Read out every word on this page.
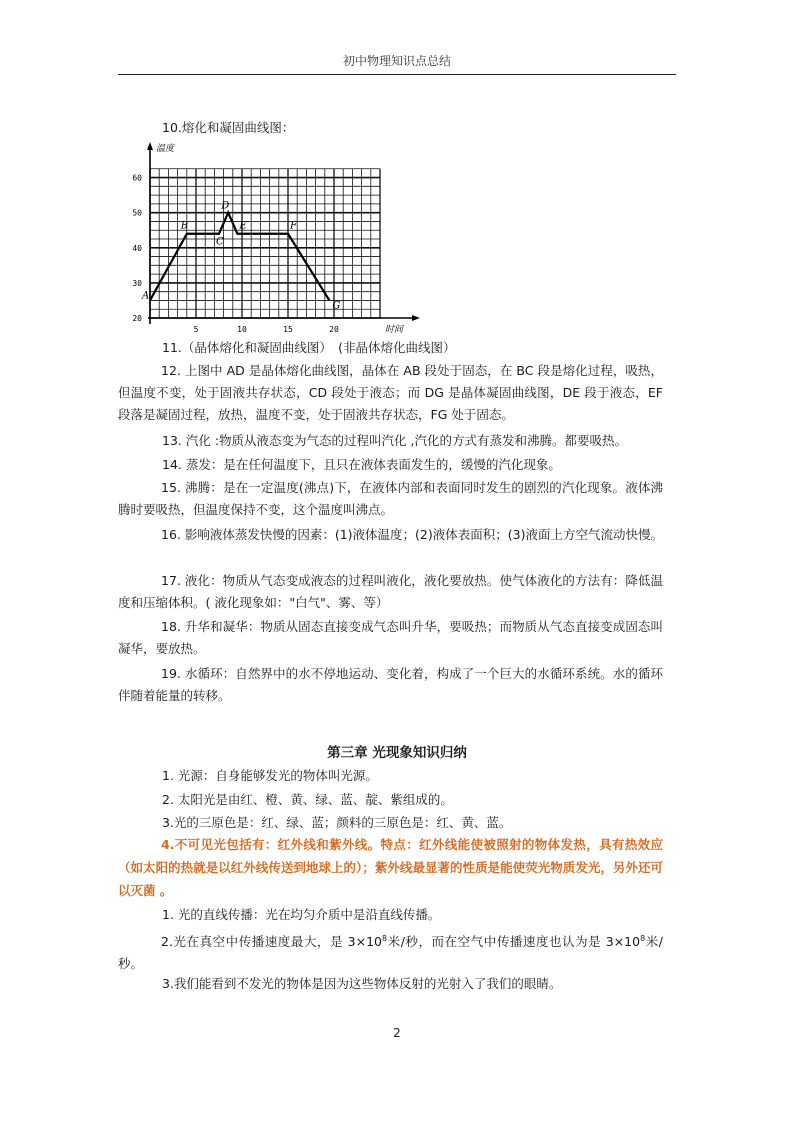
初中物理知识点总结
10.熔化和凝固曲线图：
温度
时间
20
30
40
50
60
5	10	15	20
A
B
C
D
E	F
G
11.（晶体熔化和凝固曲线图）　(非晶体熔化曲线图）
12. 上图中 AD 是晶体熔化曲线图，晶体在 AB 段处于固态，在 BC 段是熔化过程，吸热，但温度不变，处于固液共存状态，CD 段处于液态；而 DG 是晶体凝固曲线图，DE 段于液态，EF 段落是凝固过程，放热，温度不变，处于固液共存状态，FG 处于固态。
13. 汽化 :物质从液态变为气态的过程叫汽化 ,汽化的方式有蒸发和沸腾。都要吸热。
14. 蒸发：是在任何温度下，且只在液体表面发生的，缓慢的汽化现象。
15. 沸腾：是在一定温度(沸点)下，在液体内部和表面同时发生的剧烈的汽化现象。液体沸腾时要吸热，但温度保持不变，这个温度叫沸点。
16. 影响液体蒸发快慢的因素：(1)液体温度；(2)液体表面积；(3)液面上方空气流动快慢。
17. 液化：物质从气态变成液态的过程叫液化，液化要放热。使气体液化的方法有：降低温度和压缩体积。( 液化现象如："白气"、雾、等）
18. 升华和凝华：物质从固态直接变成气态叫升华，要吸热；而物质从气态直接变成固态叫凝华，要放热。
19. 水循环：自然界中的水不停地运动、变化着，构成了一个巨大的水循环系统。水的循环伴随着能量的转移。
第三章 光现象知识归纳
1. 光源：自身能够发光的物体叫光源。
2. 太阳光是由红、橙、黄、绿、蓝、靛、紫组成的。
3.光的三原色是：红、绿、蓝；颜料的三原色是：红、黄、蓝。
4.不可见光包括有：红外线和紫外线。特点：红外线能使被照射的物体发热，具有热效应（如太阳的热就是以红外线传送到地球上的）；紫外线最显著的性质是能使荧光物质发光，另外还可以灭菌 。
1. 光的直线传播：光在均匀介质中是沿直线传播。
2.光在真空中传播速度最大，是 $3\times 10^8$米/秒，而在空气中传播速度也认为是 $3\times 10^8$米/秒。
3.我们能看到不发光的物体是因为这些物体反射的光射入了我们的眼睛。
2
